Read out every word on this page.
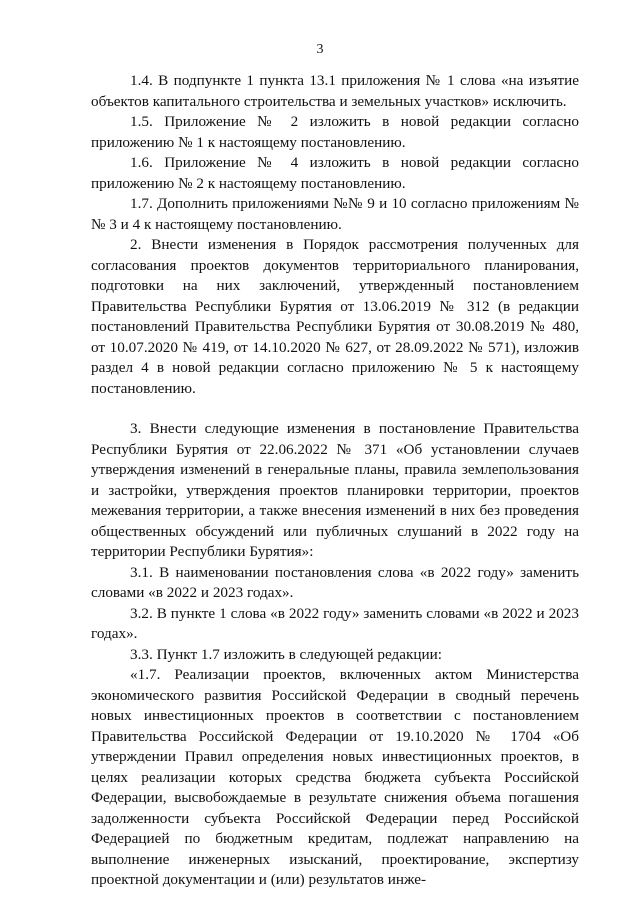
3

1.4. В подпункте 1 пункта 13.1 приложения № 1 слова «на изъятие объектов капитального строительства и земельных участков» исключить.

1.5. Приложение № 2 изложить в новой редакции согласно приложению № 1 к настоящему постановлению.

1.6. Приложение № 4 изложить в новой редакции согласно приложению № 2 к настоящему постановлению.

1.7. Дополнить приложениями №№ 9 и 10 согласно приложениям №№ 3 и 4 к настоящему постановлению.

2. Внести изменения в Порядок рассмотрения полученных для согласования проектов документов территориального планирования, подготовки на них заключений, утвержденный постановлением Правительства Республики Бурятия от 13.06.2019 № 312 (в редакции постановлений Правительства Республики Бурятия от 30.08.2019 № 480, от 10.07.2020 № 419, от 14.10.2020 № 627, от 28.09.2022 № 571), изложив раздел 4 в новой редакции согласно приложению № 5 к настоящему постановлению.

3. Внести следующие изменения в постановление Правительства Республики Бурятия от 22.06.2022 № 371 «Об установлении случаев утверждения изменений в генеральные планы, правила землепользования и застройки, утверждения проектов планировки территории, проектов межевания территории, а также внесения изменений в них без проведения общественных обсуждений или публичных слушаний в 2022 году на территории Республики Бурятия»:

3.1. В наименовании постановления слова «в 2022 году» заменить словами «в 2022 и 2023 годах».

3.2. В пункте 1 слова «в 2022 году» заменить словами «в 2022 и 2023 годах».

3.3. Пункт 1.7 изложить в следующей редакции:

«1.7. Реализации проектов, включенных актом Министерства экономического развития Российской Федерации в сводный перечень новых инвестиционных проектов в соответствии с постановлением Правительства Российской Федерации от 19.10.2020 № 1704 «Об утверждении Правил определения новых инвестиционных проектов, в целях реализации которых средства бюджета субъекта Российской Федерации, высвобождаемые в результате снижения объема погашения задолженности субъекта Российской Федерации перед Российской Федерацией по бюджетным кредитам, подлежат направлению на выполнение инженерных изысканий, проектирование, экспертизу проектной документации и (или) результатов инже-
